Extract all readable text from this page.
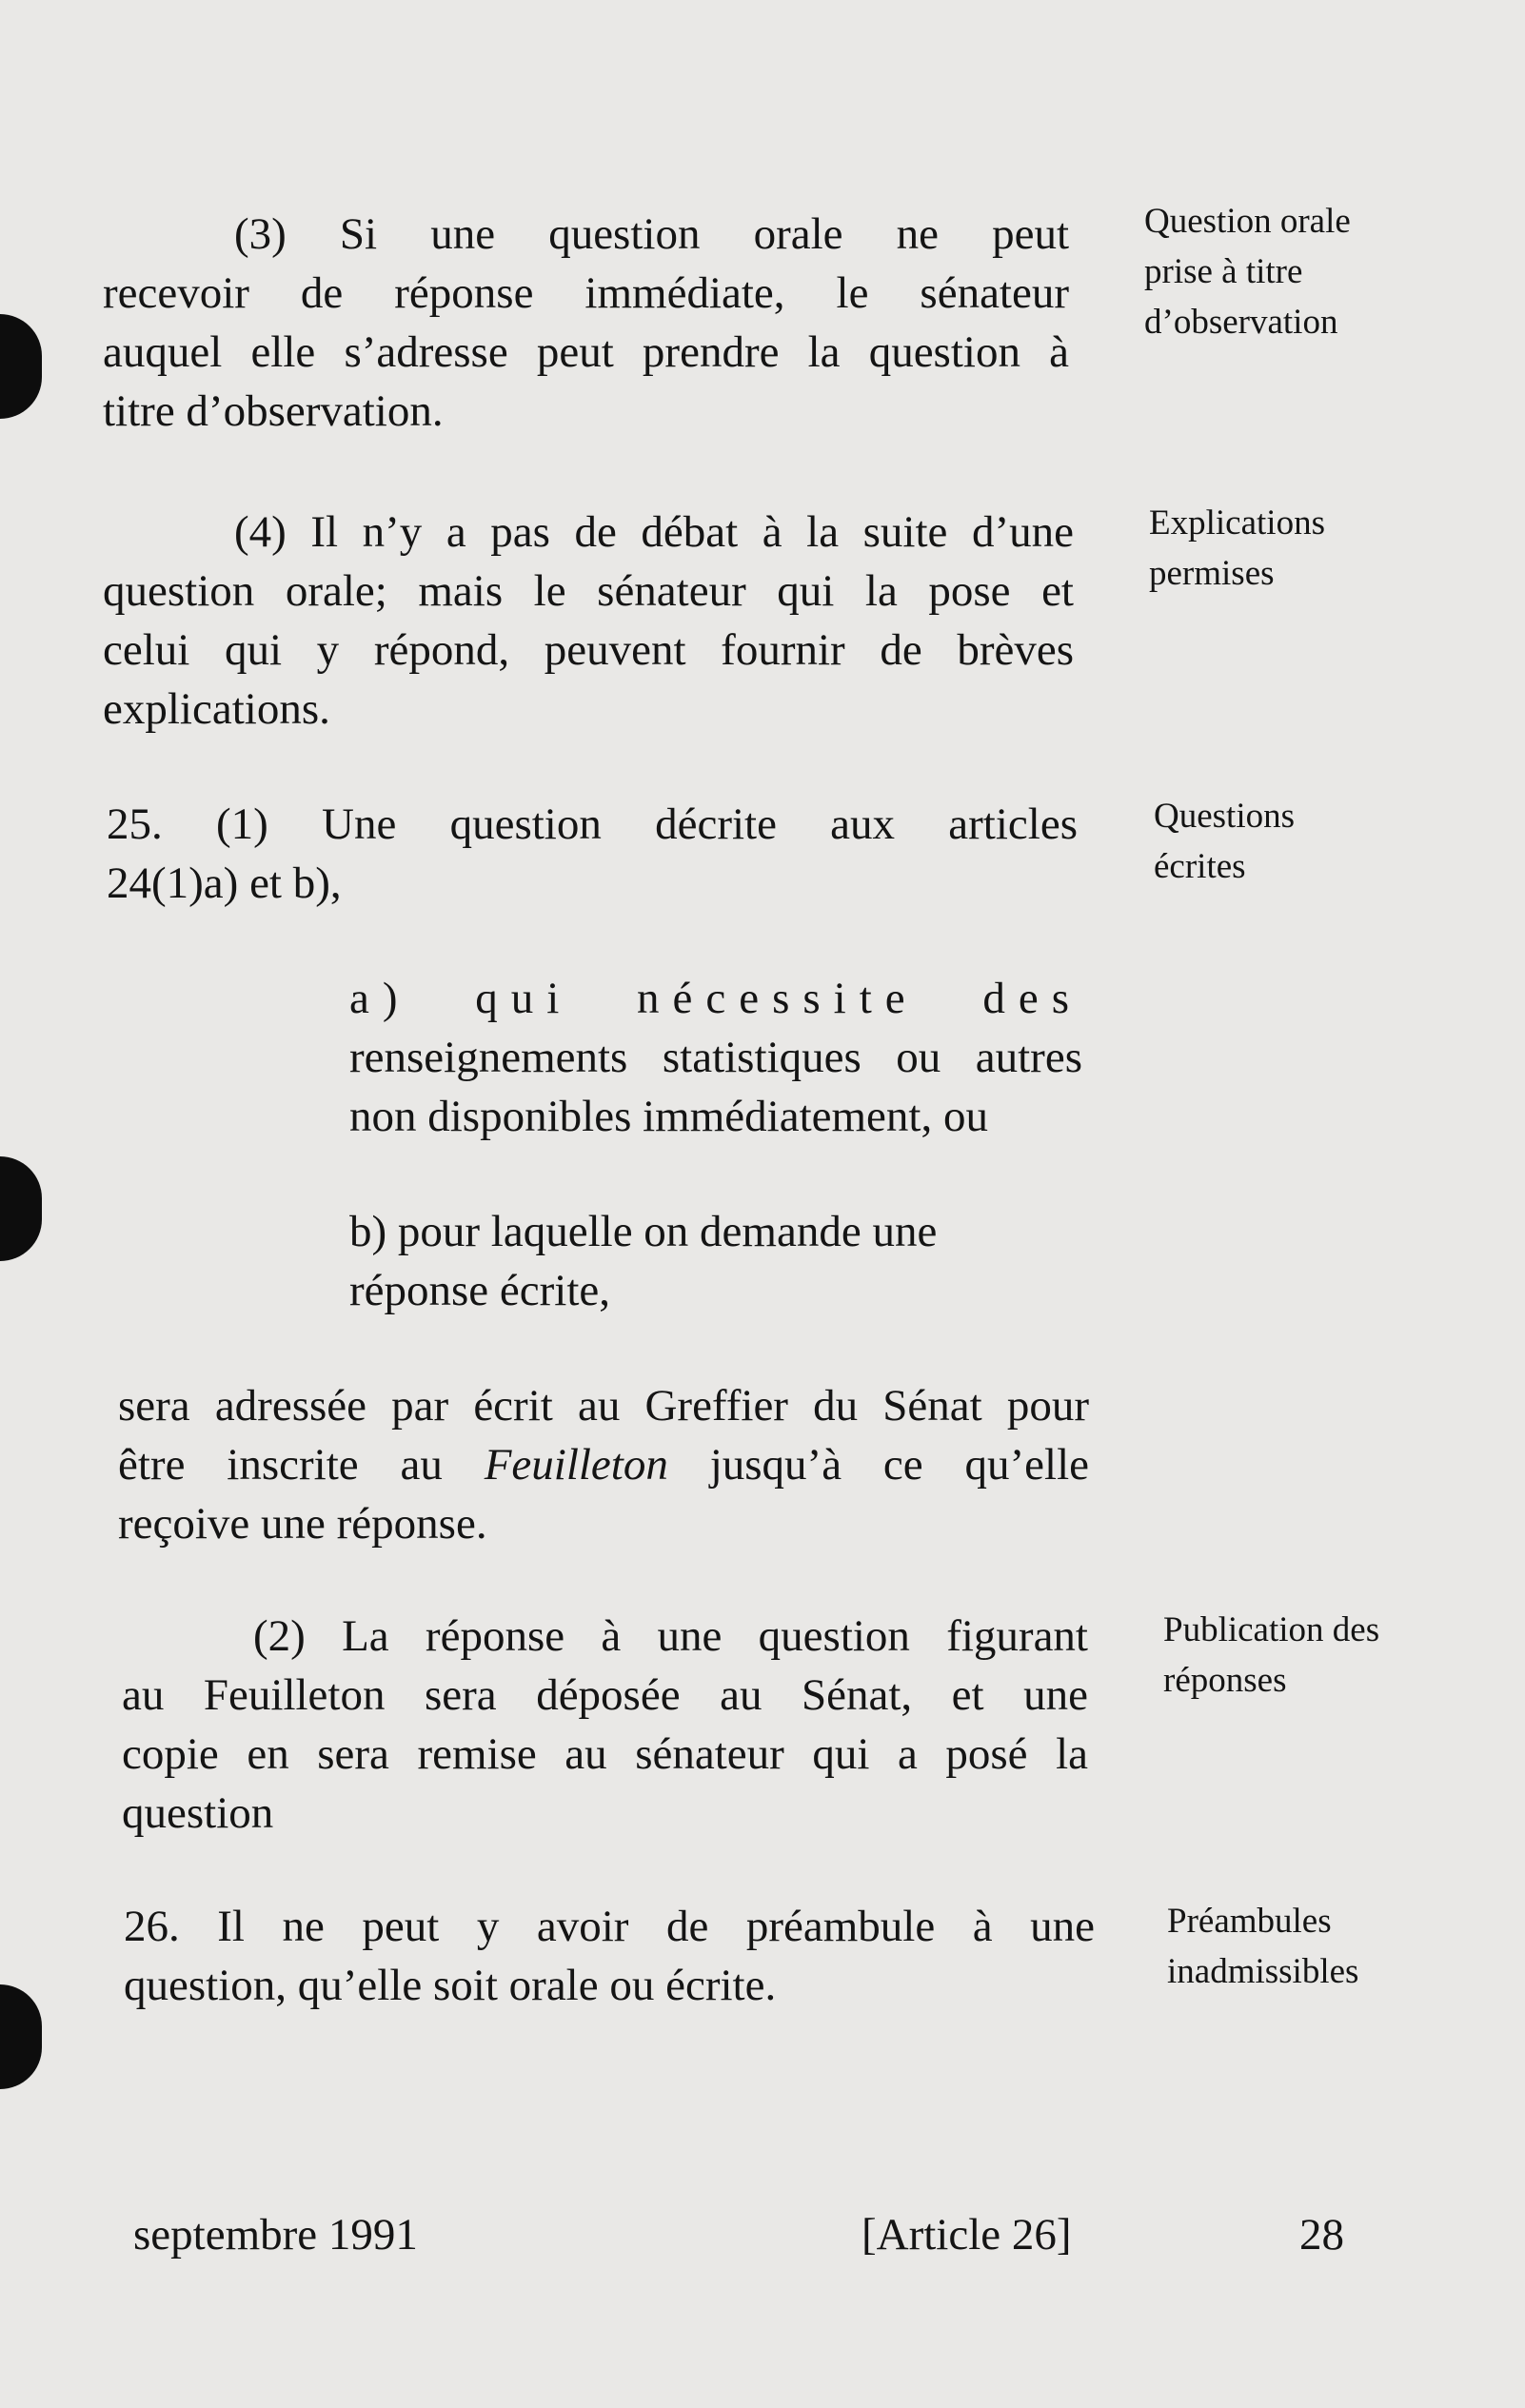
(3) Si une question orale ne peut
recevoir de réponse immédiate, le sénateur
auquel elle s’adresse peut prendre la question à
titre d’observation.
(4) Il n’y a pas de débat à la suite d’une
question orale; mais le sénateur qui la pose et
celui qui y répond, peuvent fournir de brèves
explications.
25. (1) Une question décrite aux articles
24(1)a) et b),
a) qui nécessite des
renseignements statistiques ou autres
non disponibles immédiatement, ou
b) pour laquelle on demande une
réponse écrite,
sera adressée par écrit au Greffier du Sénat pour
être inscrite au Feuilleton jusqu’à ce qu’elle
reçoive une réponse.
(2) La réponse à une question figurant
au Feuilleton sera déposée au Sénat, et une
copie en sera remise au sénateur qui a posé la
question
26. Il ne peut y avoir de préambule à une
question, qu’elle soit orale ou écrite.
Question orale
prise à titre
d’observation
Explications
permises
Questions
écrites
Publication des
réponses
Préambules
inadmissibles
septembre 1991	[Article 26]	28
